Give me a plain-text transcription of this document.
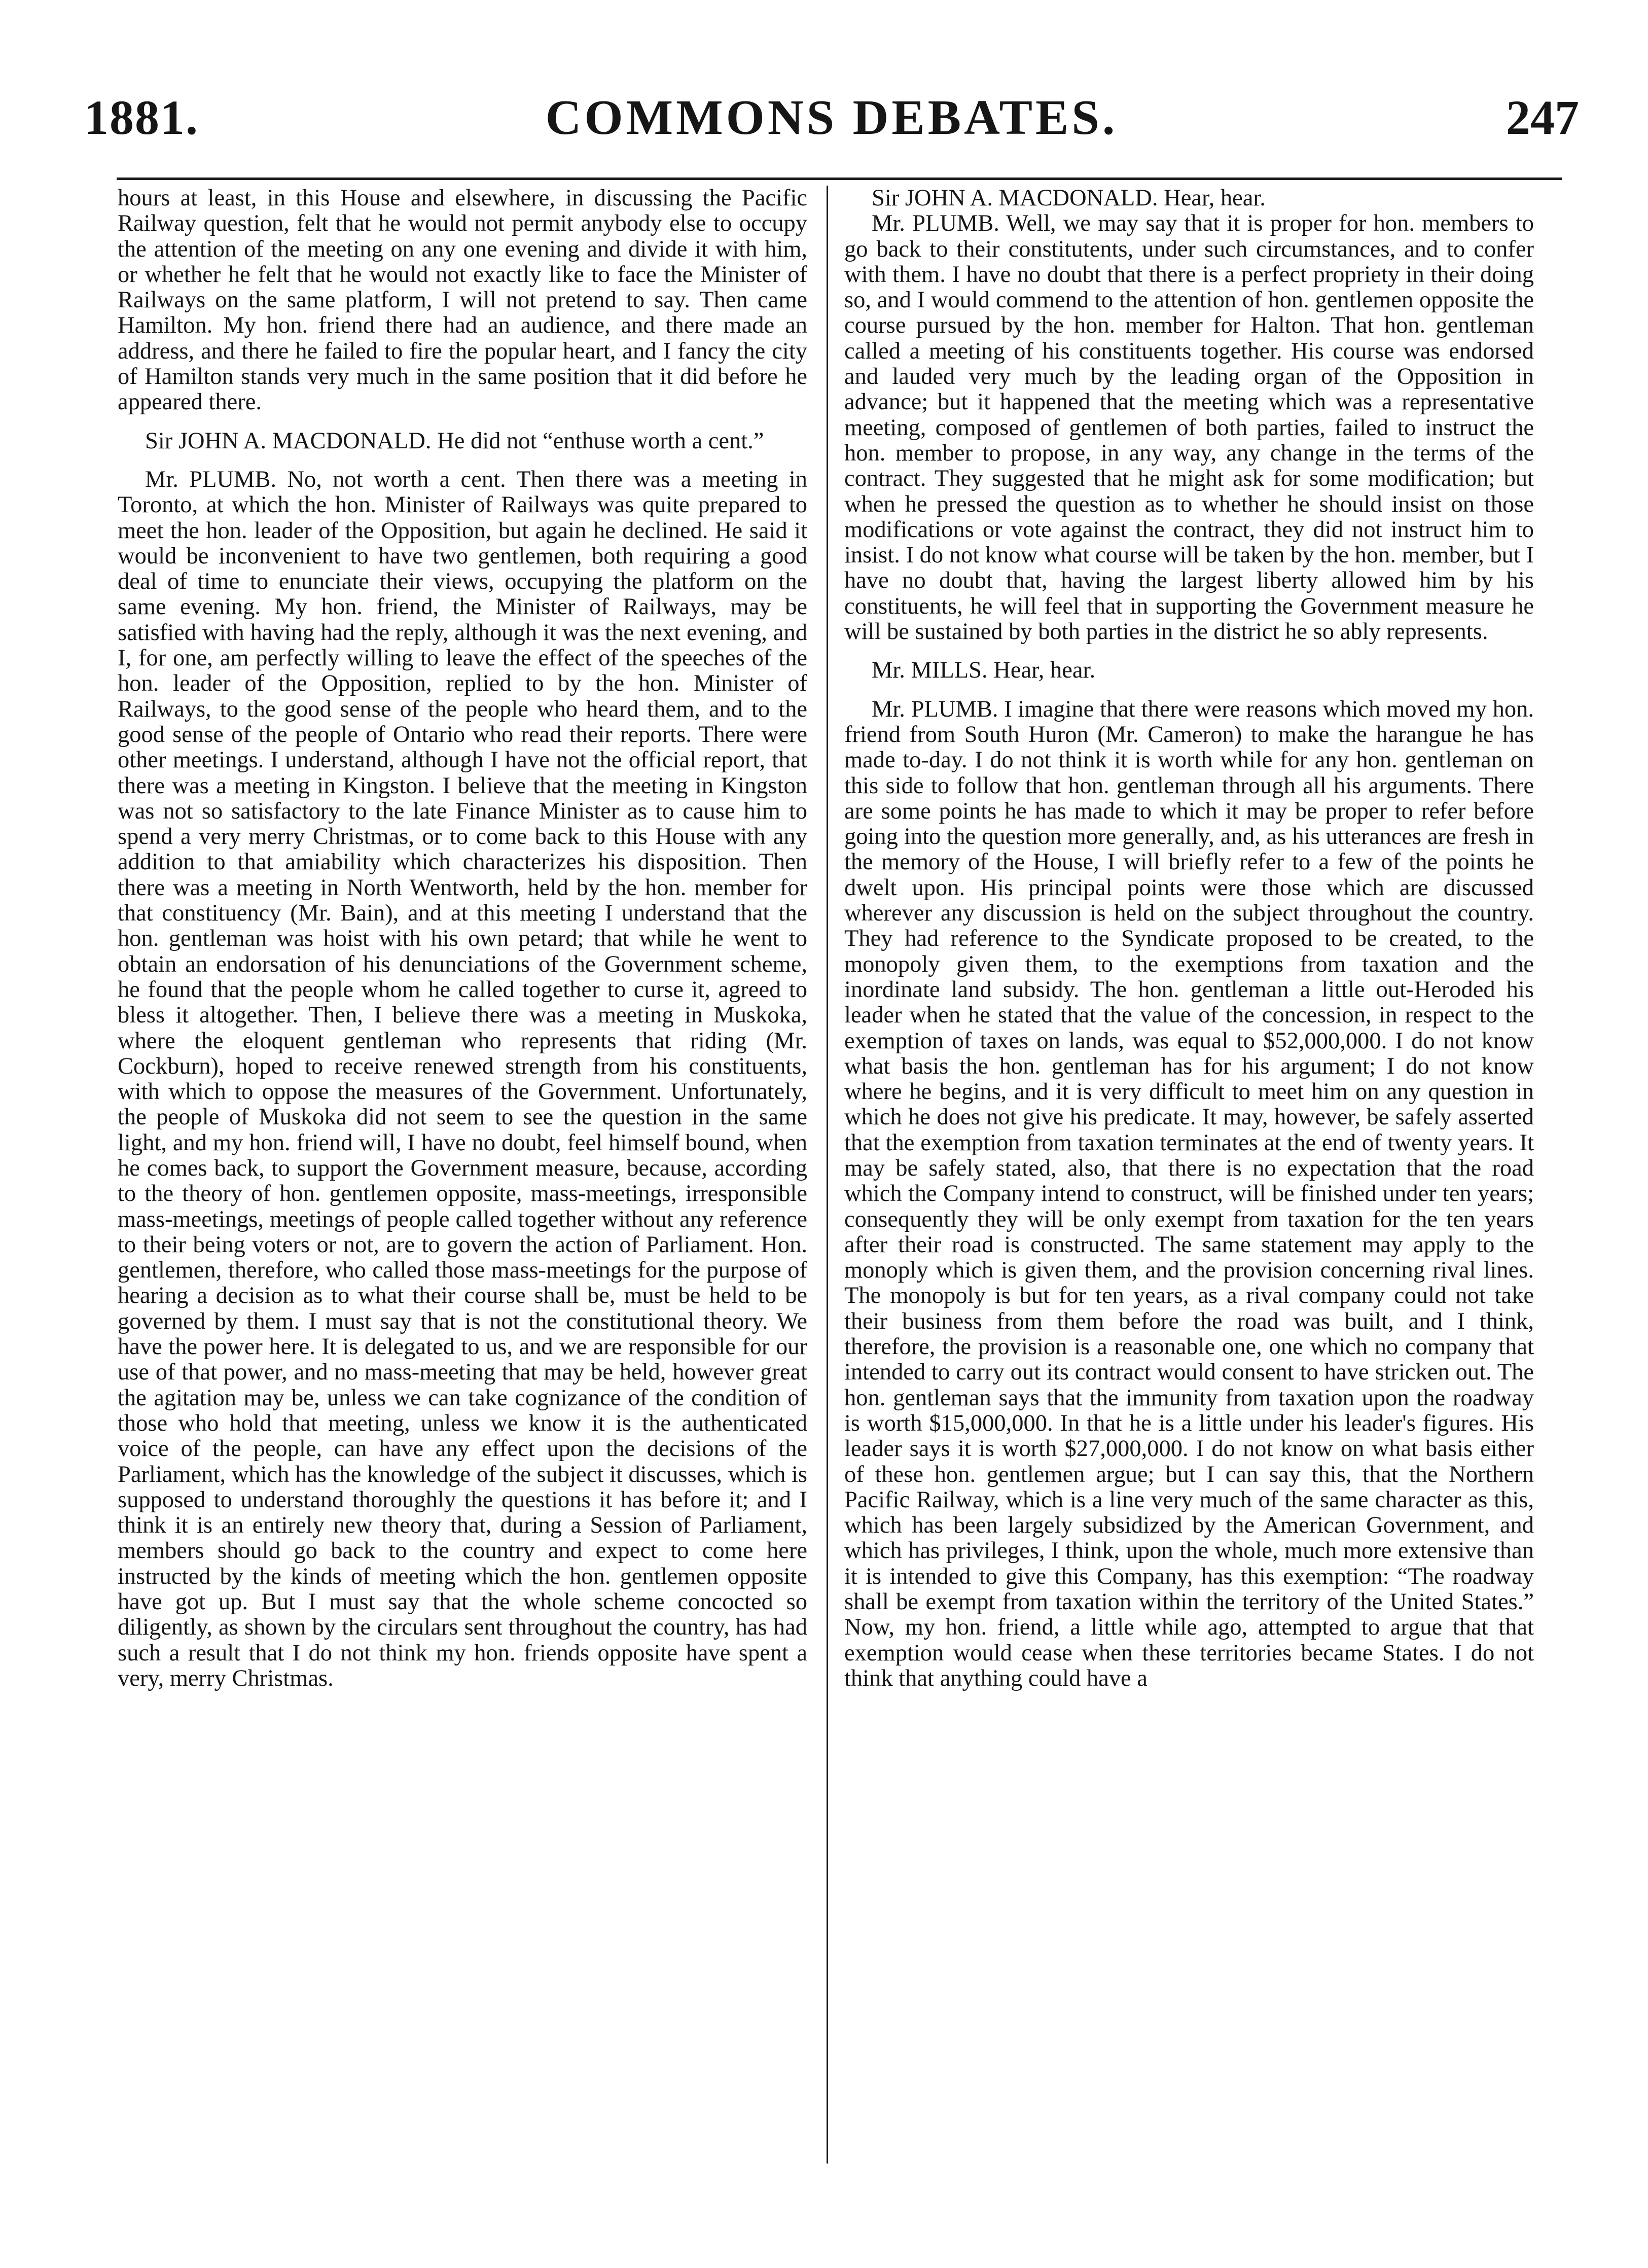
1881.	COMMONS DEBATES.	247

hours at least, in this House and elsewhere, in discussing the Pacific Railway question, felt that he would not permit anybody else to occupy the attention of the meeting on any one evening and divide it with him, or whether he felt that he would not exactly like to face the Minister of Railways on the same platform, I will not pretend to say. Then came Hamilton. My hon. friend there had an audience, and there made an address, and there he failed to fire the popular heart, and I fancy the city of Hamilton stands very much in the same position that it did before he appeared there.

Sir JOHN A. MACDONALD. He did not “enthuse worth a cent.”

Mr. PLUMB. No, not worth a cent. Then there was a meeting in Toronto, at which the hon. Minister of Railways was quite prepared to meet the hon. leader of the Opposition, but again he declined. He said it would be inconvenient to have two gentlemen, both requiring a good deal of time to enunciate their views, occupying the platform on the same evening. My hon. friend, the Minister of Railways, may be satisfied with having had the reply, although it was the next evening, and I, for one, am perfectly willing to leave the effect of the speeches of the hon. leader of the Opposition, replied to by the hon. Minister of Railways, to the good sense of the people who heard them, and to the good sense of the people of Ontario who read their reports. There were other meetings. I understand, although I have not the official report, that there was a meeting in Kingston. I believe that the meeting in Kingston was not so satisfactory to the late Finance Minister as to cause him to spend a very merry Christmas, or to come back to this House with any addition to that amiability which characterizes his disposition. Then there was a meeting in North Wentworth, held by the hon. member for that constituency (Mr. Bain), and at this meeting I understand that the hon. gentleman was hoist with his own petard; that while he went to obtain an endorsation of his denunciations of the Government scheme, he found that the people whom he called together to curse it, agreed to bless it altogether. Then, I believe there was a meeting in Muskoka, where the eloquent gentleman who represents that riding (Mr. Cockburn), hoped to receive renewed strength from his constituents, with which to oppose the measures of the Government. Unfortunately, the people of Muskoka did not seem to see the question in the same light, and my hon. friend will, I have no doubt, feel himself bound, when he comes back, to support the Government measure, because, according to the theory of hon. gentlemen opposite, mass-meetings, irresponsible mass-meetings, meetings of people called together without any reference to their being voters or not, are to govern the action of Parliament. Hon. gentlemen, therefore, who called those mass-meetings for the purpose of hearing a decision as to what their course shall be, must be held to be governed by them. I must say that is not the constitutional theory. We have the power here. It is delegated to us, and we are responsible for our use of that power, and no mass-meeting that may be held, however great the agitation may be, unless we can take cognizance of the condition of those who hold that meeting, unless we know it is the authenticated voice of the people, can have any effect upon the decisions of the Parliament, which has the knowledge of the subject it discusses, which is supposed to understand thoroughly the questions it has before it; and I think it is an entirely new theory that, during a Session of Parliament, members should go back to the country and expect to come here instructed by the kinds of meeting which the hon. gentlemen opposite have got up. But I must say that the whole scheme concocted so diligently, as shown by the circulars sent throughout the country, has had such a result that I do not think my hon. friends opposite have spent a very, merry Christmas.

Sir JOHN A. MACDONALD. Hear, hear.

Mr. PLUMB. Well, we may say that it is proper for hon. members to go back to their constitutents, under such circumstances, and to confer with them. I have no doubt that there is a perfect propriety in their doing so, and I would commend to the attention of hon. gentlemen opposite the course pursued by the hon. member for Halton. That hon. gentleman called a meeting of his constituents together. His course was endorsed and lauded very much by the leading organ of the Opposition in advance; but it happened that the meeting which was a representative meeting, composed of gentlemen of both parties, failed to instruct the hon. member to propose, in any way, any change in the terms of the contract. They suggested that he might ask for some modification; but when he pressed the question as to whether he should insist on those modifications or vote against the contract, they did not instruct him to insist. I do not know what course will be taken by the hon. member, but I have no doubt that, having the largest liberty allowed him by his constituents, he will feel that in supporting the Government measure he will be sustained by both parties in the district he so ably represents.

Mr. MILLS. Hear, hear.

Mr. PLUMB. I imagine that there were reasons which moved my hon. friend from South Huron (Mr. Cameron) to make the harangue he has made to-day. I do not think it is worth while for any hon. gentleman on this side to follow that hon. gentleman through all his arguments. There are some points he has made to which it may be proper to refer before going into the question more generally, and, as his utterances are fresh in the memory of the House, I will briefly refer to a few of the points he dwelt upon. His principal points were those which are discussed wherever any discussion is held on the subject throughout the country. They had reference to the Syndicate proposed to be created, to the monopoly given them, to the exemptions from taxation and the inordinate land subsidy. The hon. gentleman a little out-Heroded his leader when he stated that the value of the concession, in respect to the exemption of taxes on lands, was equal to $52,000,000. I do not know what basis the hon. gentleman has for his argument; I do not know where he begins, and it is very difficult to meet him on any question in which he does not give his predicate. It may, however, be safely asserted that the exemption from taxation terminates at the end of twenty years. It may be safely stated, also, that there is no expectation that the road which the Company intend to construct, will be finished under ten years; consequently they will be only exempt from taxation for the ten years after their road is constructed. The same statement may apply to the monoply which is given them, and the provision concerning rival lines. The monopoly is but for ten years, as a rival company could not take their business from them before the road was built, and I think, therefore, the provision is a reasonable one, one which no company that intended to carry out its contract would consent to have stricken out. The hon. gentleman says that the immunity from taxation upon the roadway is worth $15,000,000. In that he is a little under his leader's figures. His leader says it is worth $27,000,000. I do not know on what basis either of these hon. gentlemen argue; but I can say this, that the Northern Pacific Railway, which is a line very much of the same character as this, which has been largely subsidized by the American Government, and which has privileges, I think, upon the whole, much more extensive than it is intended to give this Company, has this exemption: “The roadway shall be exempt from taxation within the territory of the United States.” Now, my hon. friend, a little while ago, attempted to argue that that exemption would cease when these territories became States. I do not think that anything could have a
